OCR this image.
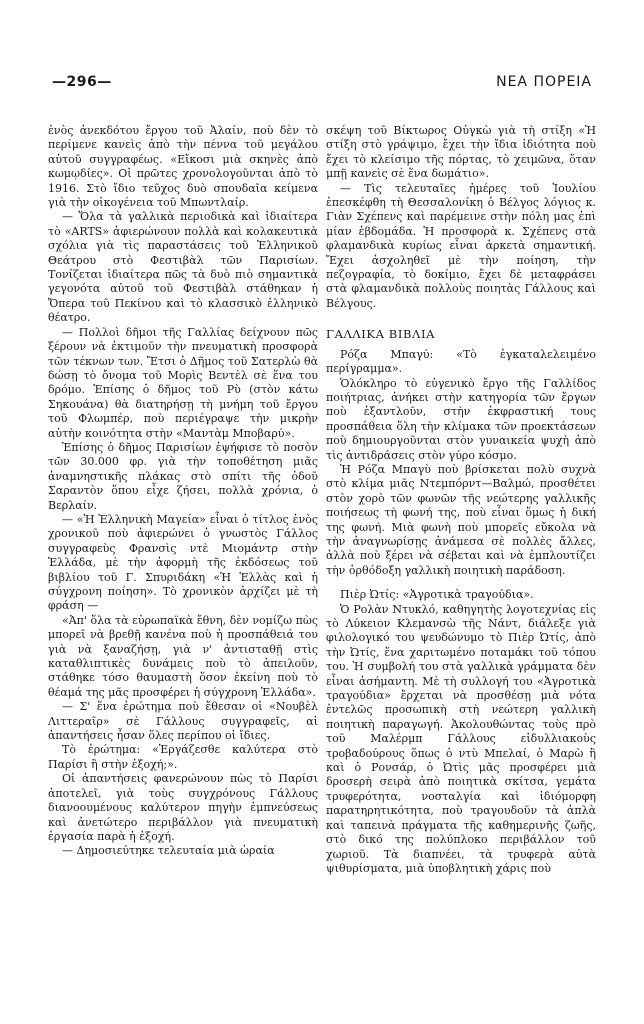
—296—	ΝΕΑ ΠΟΡΕΙΑ

ἑνὸς ἀνεκδότου ἔργου τοῦ Ἀλαίν, ποὺ δὲν τὸ περίμενε κανεὶς ἀπὸ τὴν πέννα τοῦ μεγάλου αὐτοῦ συγγραφέως. «Εἴκοσι μιὰ σκηνὲς ἀπὸ κωμῳδίες». Οἱ πρῶτες χρονολογοῦνται ἀπὸ τὸ 1916. Στὸ ἴδιο τεῦχος δυὸ σπουδαῖα κείμενα γιὰ τὴν οἰκογένεια τοῦ Μπωντλαίρ.

— Ὅλα τὰ γαλλικὰ περιοδικὰ καὶ ἰδιαίτερα τὸ «ARTS» ἀφιερώνουν πολλὰ καὶ κολακευτικὰ σχόλια γιὰ τὶς παραστάσεις τοῦ Ἑλληνικοῦ Θεάτρου στὸ Φεστιβὰλ τῶν Παρισίων. Τονίζεται ἰδιαίτερα πῶς τὰ δυὸ πιὸ σημαντικὰ γεγονότα αὐτοῦ τοῦ Φεστιβὰλ στάθηκαν ἡ Ὄπερα τοῦ Πεκίνου καὶ τὸ κλασσικὸ ἑλληνικὸ θέατρο.

— Πολλοὶ δῆμοι τῆς Γαλλίας δείχνουν πῶς ξέρουν νὰ ἐκτιμοῦν τὴν πνευματικὴ προσφορὰ τῶν τέκνων των. Ἔτσι ὁ Δῆμος τοῦ Σατερλὼ θὰ δώσῃ τὸ ὄνομα τοῦ Μορὶς Βεντὲλ σὲ ἕνα του δρόμο. Ἐπίσης ὁ δῆμος τοῦ Ρὺ (στὸν κάτω Σηκουάνα) θὰ διατηρήσῃ τὴ μνήμη τοῦ ἔργου τοῦ Φλωμπέρ, ποὺ περιέγραψε τὴν μικρὴν αὐτὴν κοινότητα στὴν «Μαντὰμ Μποβαρύ».

Ἐπίσης ὁ δῆμος Παρισίων ἐψήφισε τὸ ποσὸν τῶν 30.000 φρ. γιὰ τὴν τοποθέτηση μιᾶς ἀναμνηστικῆς πλάκας στὸ σπίτι τῆς ὁδοῦ Σαραντὸν ὅπου εἶχε ζήσει, πολλὰ χρόνια, ὁ Βερλαίν.

— «Ἡ Ἑλληνικὴ Μαγεία» εἶναι ὁ τίτλος ἑνὸς χρονικοῦ ποὺ ἀφιερώνει ὁ γνωστὸς Γάλλος συγγραφεὺς Φρανσὶς ντὲ Μιομάντρ στὴν Ἑλλάδα, μὲ τὴν ἀφορμὴ τῆς ἐκδόσεως τοῦ βιβλίου τοῦ Γ. Σπυριδάκη «Ἡ Ἑλλὰς καὶ ἡ σύγχρονη ποίηση». Τὸ χρονικὸν ἀρχίζει μὲ τὴ φράση —

«Ἀπ' ὅλα τὰ εὐρωπαϊκὰ ἔθνη, δὲν νομίζω πὼς μπορεῖ νὰ βρεθῇ κανένα ποὺ ἡ προσπάθειά του γιὰ νὰ ξαναζήσῃ, γιὰ ν' ἀντισταθῇ στὶς καταθλιπτικὲς δυνάμεις ποὺ τὸ ἀπειλοῦν, στάθηκε τόσο θαυμαστὴ ὅσον ἐκείνη ποὺ τὸ θέαμά της μᾶς προσφέρει ἡ σύγχρονη Ἑλλάδα».

— Σ' ἕνα ἐρώτημα ποὺ ἔθεσαν οἱ «Νουβὲλ Λιττεραῖρ» σὲ Γάλλους συγγραφεῖς, αἱ ἀπαντήσεις ἦσαν ὅλες περίπου οἱ ἴδιες.

Τὸ ἐρώτημα: «Ἐργάζεσθε καλύτερα στὸ Παρίσι ἢ στὴν ἐξοχή;».

Οἱ ἀπαντήσεις φανερώνουν πὼς τὸ Παρίσι ἀποτελεῖ, γιὰ τοὺς συγχρόνους Γάλλους διανοουμένους καλύτερον πηγὴν ἐμπνεύσεως καὶ ἀνετώτερο περιβάλλον γιὰ πνευματικὴ ἐργασία παρὰ ἡ ἐξοχή.

— Δημοσιεύτηκε τελευταία μιὰ ὡραία

σκέψη τοῦ Βίκτωρος Οὐγκὼ γιὰ τὴ στίξη «Ἡ στίξη στὸ γράψιμο, ἔχει τὴν ἴδια ἰδιότητα ποὺ ἔχει τὸ κλείσιμο τῆς πόρτας, τὸ χειμῶνα, ὅταν μπῇ κανεὶς σὲ ἕνα δωμάτιο».

— Τὶς τελευταῖες ἡμέρες τοῦ Ἰουλίου ἐπεσκέφθη τὴ Θεσσαλονίκη ὁ Βέλγος λόγιος κ. Γιὰν Σχέπενς καὶ παρέμεινε στὴν πόλη μας ἐπὶ μίαν ἑβδομάδα. Ἡ προσφορὰ κ. Σχέπενς στὰ φλαμανδικὰ κυρίως εἶναι ἀρκετὰ σημαντική. Ἔχει ἀσχοληθεῖ μὲ τὴν ποίηση, τὴν πεζογραφία, τὸ δοκίμιο, ἔχει δὲ μεταφράσει στὰ φλαμανδικὰ πολλοὺς ποιητὰς Γάλλους καὶ Βέλγους.

ΓΑΛΛΙΚΑ ΒΙΒΛΙΑ

Ρόζα Μπαγύ: «Τὸ ἐγκαταλελειμένο περίγραμμα».

Ὁλόκληρο τὸ εὐγενικὸ ἔργο τῆς Γαλλίδος ποιήτριας, ἀνήκει στὴν κατηγορία τῶν ἔργων ποὺ ἑξαντλοῦν, στὴν ἐκφραστική τους προσπάθεια ὅλη τὴν κλίμακα τῶν προεκτάσεων ποὺ δημιουργοῦνται στὸν γυναικεία ψυχὴ ἀπὸ τὶς ἀντιδράσεις στὸν γύρο κόσμο.

Ἡ Ρόζα Μπαγὺ ποὺ βρίσκεται πολὺ συχνὰ στὸ κλίμα μιᾶς Ντεμπόρντ—Βαλμώ, προσθέτει στὸν χορὸ τῶν φωνῶν τῆς νεώτερης γαλλικῆς ποιήσεως τὴ φωνή της, ποὺ εἶναι ὅμως ἡ δική της φωνή. Μιὰ φωνὴ ποὺ μπορεῖς εὔκολα νὰ τὴν ἀναγνωρίσῃς ἀνάμεσα σὲ πολλὲς ἄλλες, ἀλλὰ ποὺ ξέρει νὰ σέβεται καὶ νὰ ἐμπλουτίζει τὴν ὀρθόδοξη γαλλικὴ ποιητικὴ παράδοση.

Πιὲρ Ὠτίς: «Ἀγροτικὰ τραγούδια».

Ὁ Ρολὰν Ντυκλό, καθηγητὴς λογοτεχνίας εἰς τὸ Λύκειον Κλεμανσὼ τῆς Νάντ, διάλεξε γιὰ φιλολογικό του ψευδώνυμο τὸ Πιὲρ Ὠτίς, ἀπὸ τὴν Ὠτίς, ἕνα χαριτωμένο ποταμάκι τοῦ τόπου του. Ἡ συμβολή του στὰ γαλλικὰ γράμματα δὲν εἶναι ἀσήμαντη. Μὲ τὴ συλλογή του «Ἀγροτικὰ τραγούδια» ἔρχεται νὰ προσθέσῃ μιὰ νότα ἐντελῶς προσωπικὴ στὴ νεώτερη γαλλικὴ ποιητικὴ παραγωγή. Ἀκολουθώντας τοὺς πρὸ τοῦ Μαλέρμπ Γάλλους εἰδυλλιακοὺς τροβαδούρους ὅπως ὁ ντὺ Μπελαί, ὁ Μαρὼ ἢ καὶ ὁ Ρονσάρ, ὁ Ὠτὶς μᾶς προσφέρει μιὰ δροσερὴ σειρὰ ἀπὸ ποιητικὰ σκίτσα, γεμάτα τρυφερότητα, νοσταλγία καὶ ἰδιόμορφη παρατηρητικότητα, ποὺ τραγουδοῦν τὰ ἁπλὰ καὶ ταπεινὰ πράγματα τῆς καθημερινῆς ζωῆς, στὸ δικό της πολύπλοκο περιβάλλον τοῦ χωριοῦ. Τὰ διαπνέει, τὰ τρυφερὰ αὐτὰ ψιθυρίσματα, μιὰ ὑποβλητικὴ χάρις ποὺ
